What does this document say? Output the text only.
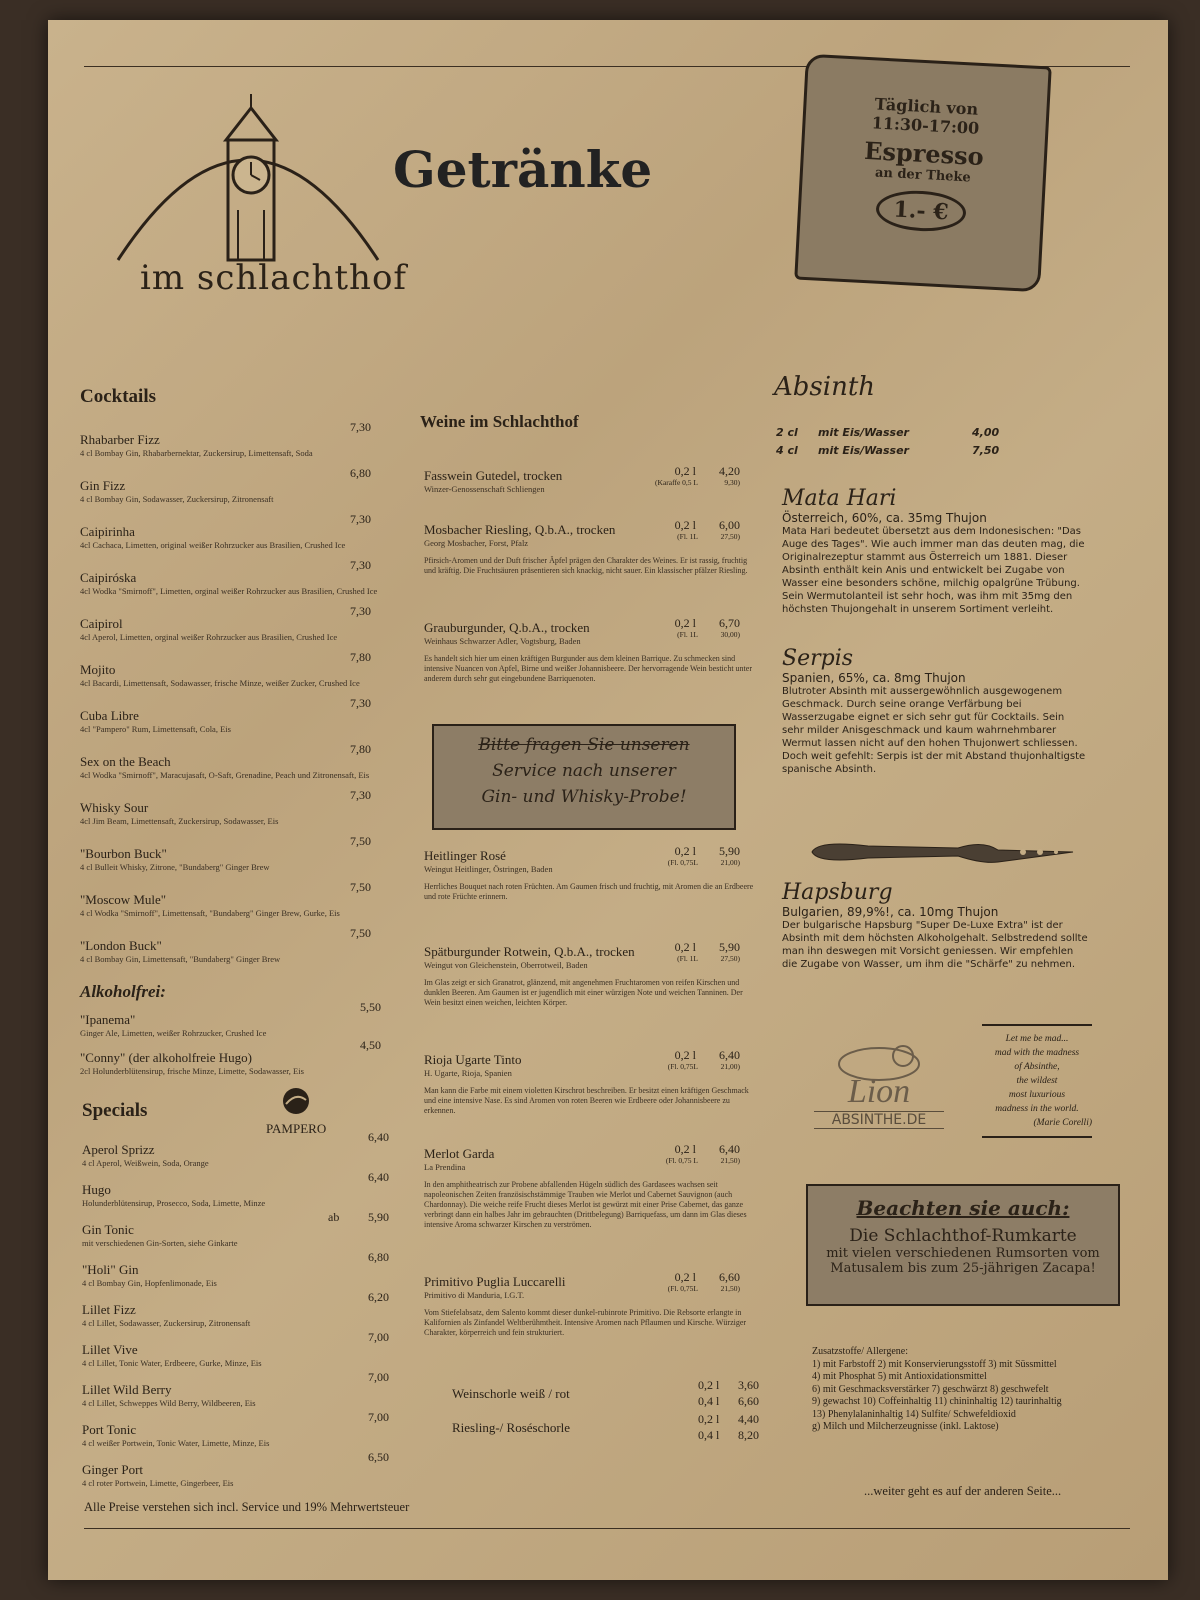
im schlachthof
Getränke
Täglich von
11:30-17:00
Espresso
an der Theke
1.- €
Cocktails
Rhabarber Fizz
4 cl Bombay Gin, Rhabarbernektar, Zuckersirup, Limettensaft, Soda
7,30
Gin Fizz
4 cl Bombay Gin, Sodawasser, Zuckersirup, Zitronensaft
6,80
Caipirinha
4cl Cachaca, Limetten, original weißer Rohrzucker aus Brasilien, Crushed Ice
7,30
Caipiróska
4cl Wodka "Smirnoff", Limetten, orginal weißer Rohrzucker aus Brasilien, Crushed Ice
7,30
Caipirol
4cl Aperol, Limetten, orginal weißer Rohrzucker aus Brasilien, Crushed Ice
7,30
Mojito
4cl Bacardi, Limettensaft, Sodawasser, frische Minze, weißer Zucker, Crushed Ice
7,80
Cuba Libre
4cl "Pampero" Rum, Limettensaft, Cola, Eis
7,30
Sex on the Beach
4cl Wodka "Smirnoff", Maracujasaft, O-Saft, Grenadine, Peach und Zitronensaft, Eis
7,80
Whisky Sour
4cl Jim Beam, Limettensaft, Zuckersirup, Sodawasser, Eis
7,30
"Bourbon Buck"
4 cl Bulleit Whisky, Zitrone, "Bundaberg" Ginger Brew
7,50
"Moscow Mule"
4 cl Wodka "Smirnoff", Limettensaft, "Bundaberg" Ginger Brew, Gurke, Eis
7,50
"London Buck"
4 cl Bombay Gin, Limettensaft, "Bundaberg" Ginger Brew
7,50
Alkoholfrei:
"Ipanema"
Ginger Ale, Limetten, weißer Rohrzucker, Crushed Ice
5,50
"Conny" (der alkoholfreie Hugo)
2cl Holunderblütensirup, frische Minze, Limette, Sodawasser, Eis
4,50
Specials
PAMPERO
Aperol Sprizz
4 cl Aperol, Weißwein, Soda, Orange
6,40
Hugo
Holunderblütensirup, Prosecco, Soda, Limette, Minze
6,40
Gin Tonic
mit verschiedenen Gin-Sorten, siehe Ginkarte
ab 5,90
"Holi" Gin
4 cl Bombay Gin, Hopfenlimonade, Eis
6,80
Lillet Fizz
4 cl Lillet, Sodawasser, Zuckersirup, Zitronensaft
6,20
Lillet Vive
4 cl Lillet, Tonic Water, Erdbeere, Gurke, Minze, Eis
7,00
Lillet Wild Berry
4 cl Lillet, Schweppes Wild Berry, Wildbeeren, Eis
7,00
Port Tonic
4 cl weißer Portwein, Tonic Water, Limette, Minze, Eis
7,00
Ginger Port
4 cl roter Portwein, Limette, Gingerbeer, Eis
6,50
Alle Preise verstehen sich incl. Service und 19% Mehrwertsteuer
...weiter geht es auf der anderen Seite...
Weine im Schlachthof
Fasswein Gutedel, trocken
Winzer-Genossenschaft Schliengen
0,2 l	4,20
(Karaffe 0,5 L	9,30)
Mosbacher Riesling, Q.b.A., trocken
Georg Mosbacher, Forst, Pfalz
0,2 l	6,00
(Fl. 1L	27,50)
Pfirsich-Aromen und der Duft frischer Äpfel prägen den Charakter des Weines. Er ist rassig, fruchtig und kräftig. Die Fruchtsäuren präsentieren sich knackig, nicht sauer. Ein klassischer pfälzer Riesling.
Grauburgunder, Q.b.A., trocken
Weinhaus Schwarzer Adler, Vogtsburg, Baden
0,2 l	6,70
(Fl. 1L	30,00)
Es handelt sich hier um einen kräftigen Burgunder aus dem kleinen Barrique. Zu schmecken sind intensive Nuancen von Apfel, Birne und weißer Johannisbeere. Der hervorragende Wein besticht unter anderem durch sehr gut eingebundene Barriquenoten.
Heitlinger Rosé
Weingut Heitlinger, Östringen, Baden
0,2 l	5,90
(Fl. 0,75L	21,00)
Herrliches Bouquet nach roten Früchten. Am Gaumen frisch und fruchtig, mit Aromen die an Erdbeere und rote Früchte erinnern.
Spätburgunder Rotwein, Q.b.A., trocken
Weingut von Gleichenstein, Oberrotweil, Baden
0,2 l	5,90
(Fl. 1L	27,50)
Im Glas zeigt er sich Granatrot, glänzend, mit angenehmen Fruchtaromen von reifen Kirschen und dunklen Beeren. Am Gaumen ist er jugendlich mit einer würzigen Note und weichen Tanninen. Der Wein besitzt einen weichen, leichten Körper.
Rioja Ugarte Tinto
H. Ugarte, Rioja, Spanien
0,2 l	6,40
(Fl. 0,75L	21,00)
Man kann die Farbe mit einem violetten Kirschrot beschreiben. Er besitzt einen kräftigen Geschmack und eine intensive Nase. Es sind Aromen von roten Beeren wie Erdbeere oder Johannisbeere zu erkennen.
Merlot Garda
La Prendina
0,2 l	6,40
(Fl. 0,75 L	21,50)
In den amphitheatrisch zur Probene abfallenden Hügeln südlich des Gardasees wachsen seit napoleonischen Zeiten französischstämmige Trauben wie Merlot und Cabernet Sauvignon (auch Chardonnay). Die weiche reife Frucht dieses Merlot ist gewürzt mit einer Prise Cabernet, das ganze verbringt dann ein halbes Jahr im gebrauchten (Drittbelegung) Barriquefass, um dann im Glas dieses intensive Aroma schwarzer Kirschen zu verströmen.
Primitivo Puglia Luccarelli
Primitivo di Manduria, I.G.T.
0,2 l	6,60
(Fl. 0,75L	21,50)
Vom Stiefelabsatz, dem Salento kommt dieser dunkel-rubinrote Primitivo. Die Rebsorte erlangte in Kalifornien als Zinfandel Weltberühmtheit. Intensive Aromen nach Pflaumen und Kirsche. Würziger Charakter, körperreich und fein strukturiert.
Bitte fragen Sie unseren
Service nach unserer
Gin- und Whisky-Probe!
Weinschorle weiß / rot
0,2 l 3,60
0,4 l 6,60
Riesling-/ Roséschorle
0,2 l 4,40
0,4 l 8,20
Absinth
2 cl mit Eis/Wasser	4,00
4 cl mit Eis/Wasser	7,50
Mata Hari
Österreich, 60%, ca. 35mg Thujon
Mata Hari bedeutet übersetzt aus dem Indonesischen: "Das Auge des Tages". Wie auch immer man das deuten mag, die Originalrezeptur stammt aus Österreich um 1881. Dieser Absinth enthält kein Anis und entwickelt bei Zugabe von Wasser eine besonders schöne, milchig opalgrüne Trübung. Sein Wermutolanteil ist sehr hoch, was ihm mit 35mg den höchsten Thujongehalt in unserem Sortiment verleiht.
Serpis
Spanien, 65%, ca. 8mg Thujon
Blutroter Absinth mit aussergewöhnlich ausgewogenem Geschmack. Durch seine orange Verfärbung bei Wasserzugabe eignet er sich sehr gut für Cocktails. Sein sehr milder Anisgeschmack und kaum wahrnehmbarer Wermut lassen nicht auf den hohen Thujonwert schliessen. Doch weit gefehlt: Serpis ist der mit Abstand thujonhaltigste spanische Absinth.
Hapsburg
Bulgarien, 89,9%!, ca. 10mg Thujon
Der bulgarische Hapsburg "Super De-Luxe Extra" ist der Absinth mit dem höchsten Alkoholgehalt. Selbstredend sollte man ihn deswegen mit Vorsicht geniessen. Wir empfehlen die Zugabe von Wasser, um ihm die "Schärfe" zu nehmen.
Lion
ABSINTHE.DE
Let me be mad...
mad with the madness
of Absinthe,
the wildest
most luxurious
madness in the world.
(Marie Corelli)
Beachten sie auch:
Die Schlachthof-Rumkarte
mit vielen verschiedenen Rumsorten vom
Matusalem bis zum 25-jährigen Zacapa!
Zusatzstoffe/ Allergene:
1) mit Farbstoff 2) mit Konservierungsstoff 3) mit Süssmittel
4) mit Phosphat 5) mit Antioxidationsmittel
6) mit Geschmacksverstärker 7) geschwärzt 8) geschwefelt
9) gewachst 10) Coffeinhaltig 11) chininhaltig 12) taurinhaltig
13) Phenylalaninhaltig 14) Sulfite/ Schwefeldioxid
g) Milch und Milcherzeugnisse (inkl. Laktose)
